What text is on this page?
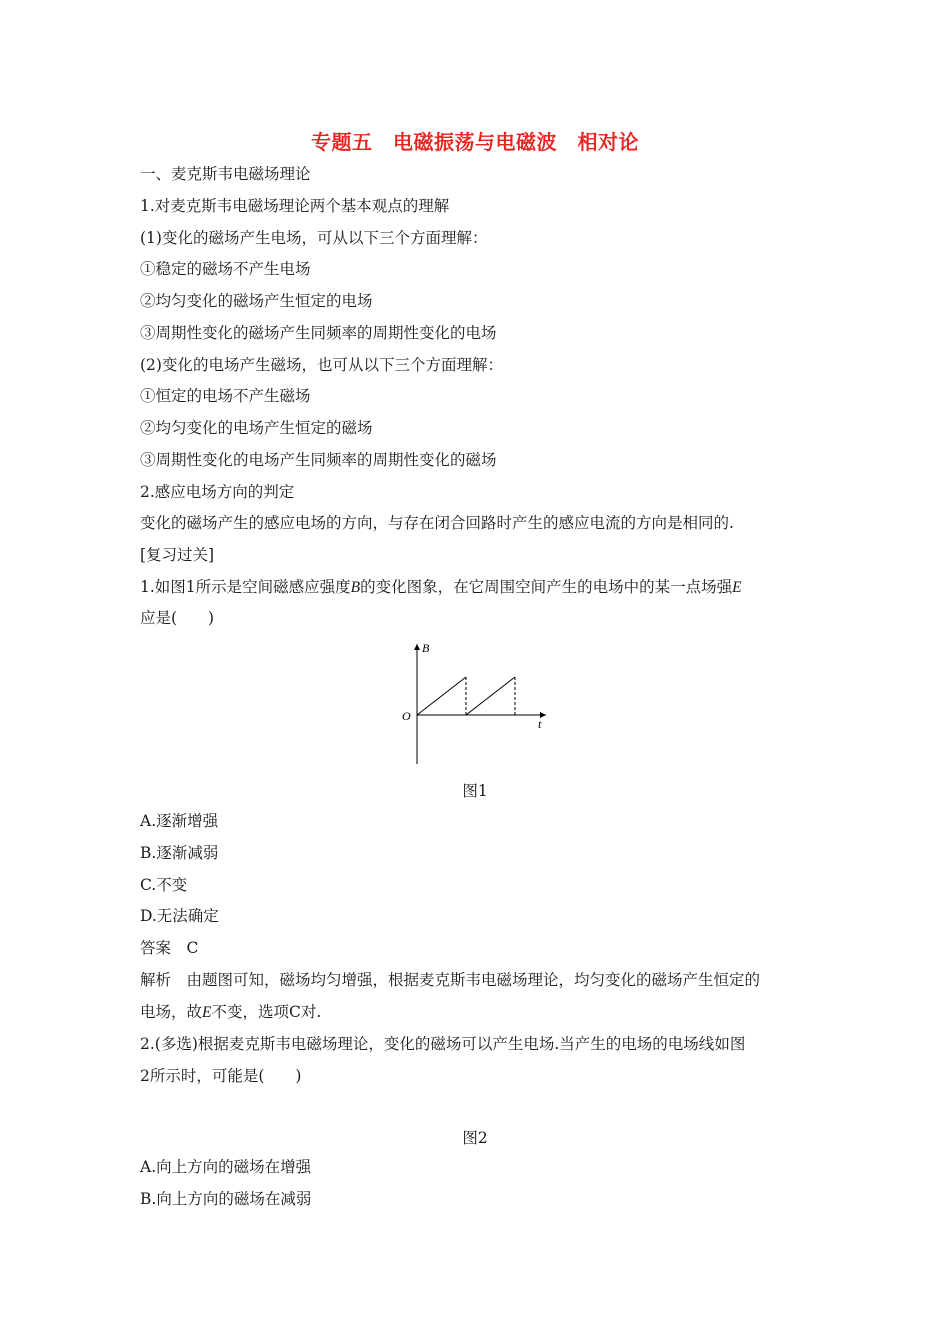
专题五　电磁振荡与电磁波　相对论
一、麦克斯韦电磁场理论
1.对麦克斯韦电磁场理论两个基本观点的理解
(1)变化的磁场产生电场，可从以下三个方面理解：
①稳定的磁场不产生电场
②均匀变化的磁场产生恒定的电场
③周期性变化的磁场产生同频率的周期性变化的电场
(2)变化的电场产生磁场，也可从以下三个方面理解：
①恒定的电场不产生磁场
②均匀变化的电场产生恒定的磁场
③周期性变化的电场产生同频率的周期性变化的磁场
2.感应电场方向的判定
变化的磁场产生的感应电场的方向，与存在闭合回路时产生的感应电流的方向是相同的.
[复习过关]
1.如图1所示是空间磁感应强度B的变化图象，在它周围空间产生的电场中的某一点场强E
应是(　　)
B
t
O
图1
A.逐渐增强
B.逐渐减弱
C.不变
D.无法确定
答案　C
解析　由题图可知，磁场均匀增强，根据麦克斯韦电磁场理论，均匀变化的磁场产生恒定的
电场，故E不变，选项C对.
2.(多选)根据麦克斯韦电磁场理论，变化的磁场可以产生电场.当产生的电场的电场线如图
2所示时，可能是(　　)
图2
A.向上方向的磁场在增强
B.向上方向的磁场在减弱
